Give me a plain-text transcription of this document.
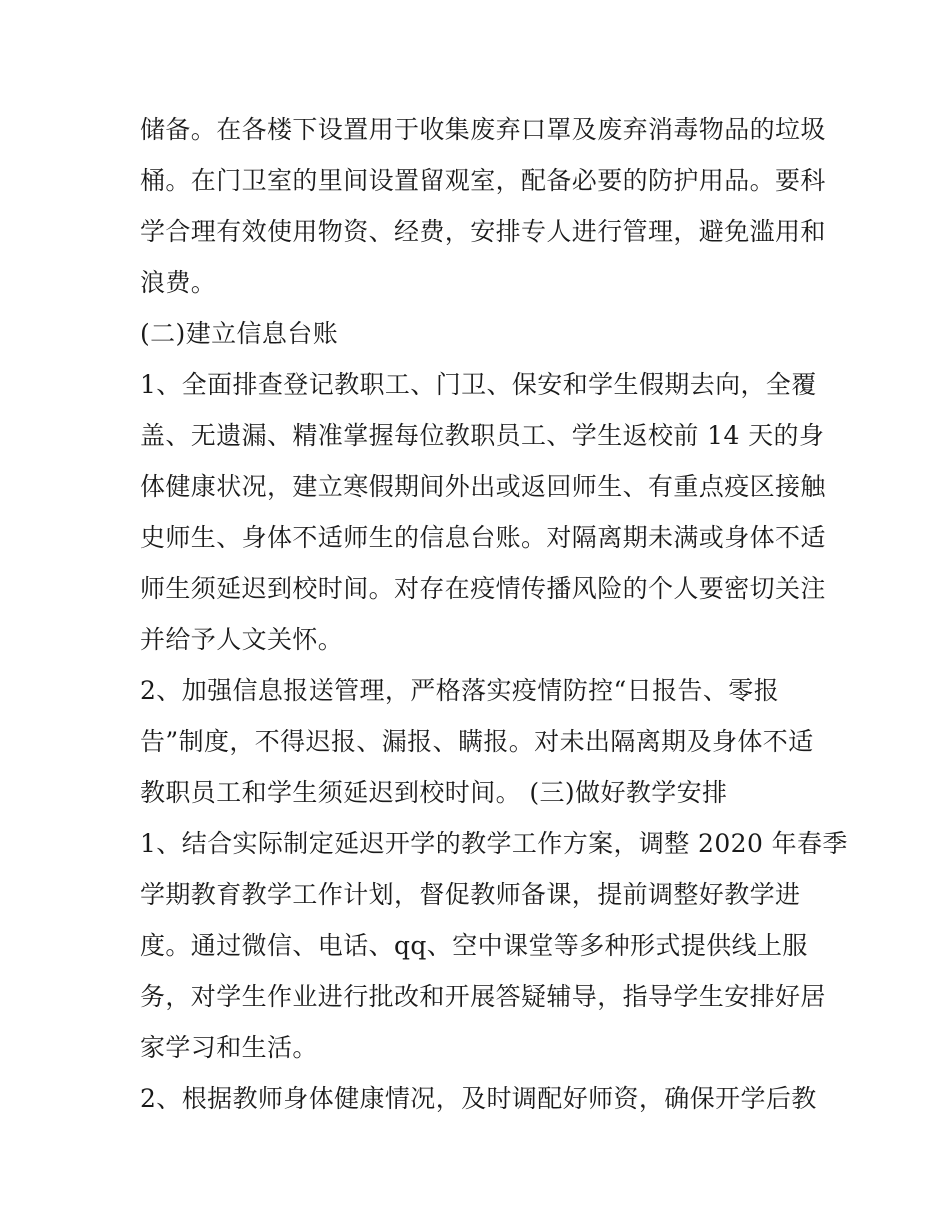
储备。在各楼下设置用于收集废弃口罩及废弃消毒物品的垃圾
桶。在门卫室的里间设置留观室，配备必要的防护用品。要科
学合理有效使用物资、经费，安排专人进行管理，避免滥用和
浪费。
(二)建立信息台账
1、全面排查登记教职工、门卫、保安和学生假期去向，全覆
盖、无遗漏、精准掌握每位教职员工、学生返校前 14 天的身
体健康状况，建立寒假期间外出或返回师生、有重点疫区接触
史师生、身体不适师生的信息台账。对隔离期未满或身体不适
师生须延迟到校时间。对存在疫情传播风险的个人要密切关注
并给予人文关怀。
2、加强信息报送管理，严格落实疫情防控“日报告、零报
告”制度，不得迟报、漏报、瞒报。对未出隔离期及身体不适
教职员工和学生须延迟到校时间。 (三)做好教学安排
1、结合实际制定延迟开学的教学工作方案，调整 2020 年春季
学期教育教学工作计划，督促教师备课，提前调整好教学进
度。通过微信、电话、qq、空中课堂等多种形式提供线上服
务，对学生作业进行批改和开展答疑辅导，指导学生安排好居
家学习和生活。
2、根据教师身体健康情况，及时调配好师资，确保开学后教
